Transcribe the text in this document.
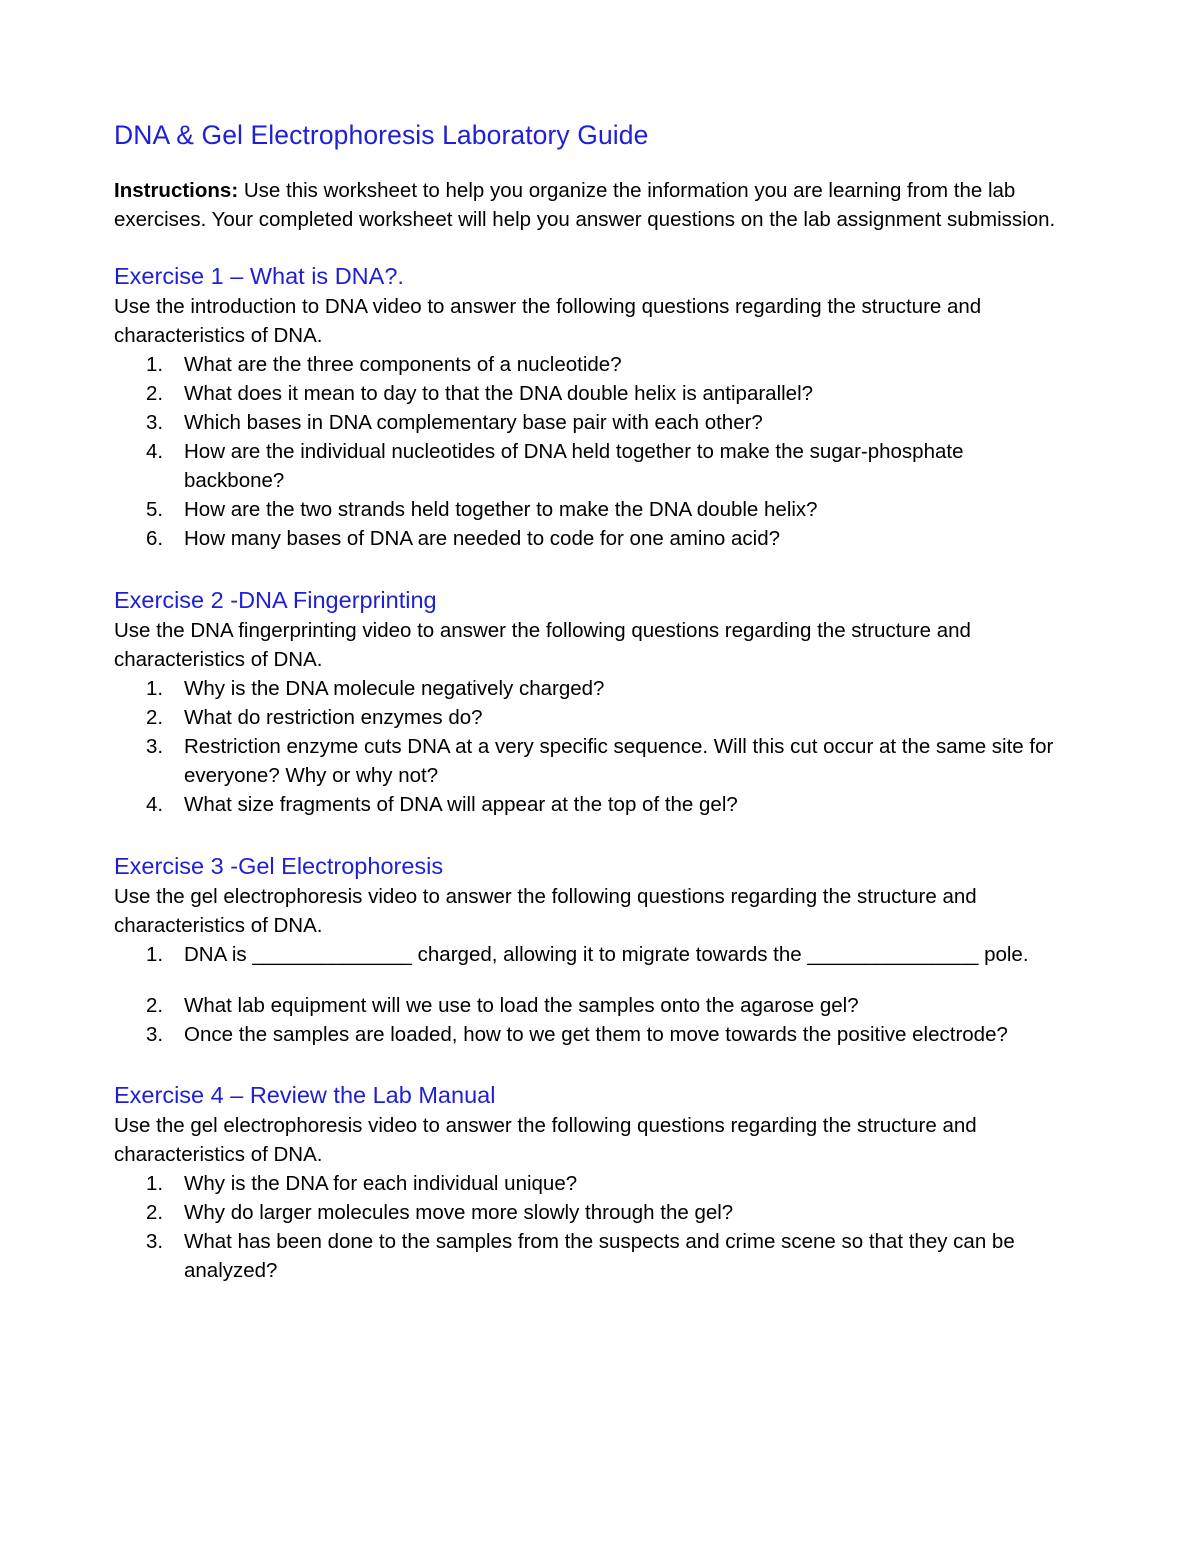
DNA & Gel Electrophoresis Laboratory Guide

Instructions: Use this worksheet to help you organize the information you are learning from the lab exercises. Your completed worksheet will help you answer questions on the lab assignment submission.

Exercise 1 – What is DNA?.

Use the introduction to DNA video to answer the following questions regarding the structure and characteristics of DNA.

1. What are the three components of a nucleotide?
2. What does it mean to day to that the DNA double helix is antiparallel?
3. Which bases in DNA complementary base pair with each other?
4. How are the individual nucleotides of DNA held together to make the sugar-phosphate backbone?
5. How are the two strands held together to make the DNA double helix?
6. How many bases of DNA are needed to code for one amino acid?
Exercise 2 -DNA Fingerprinting

Use the DNA fingerprinting video to answer the following questions regarding the structure and characteristics of DNA.

1. Why is the DNA molecule negatively charged?
2. What do restriction enzymes do?
3. Restriction enzyme cuts DNA at a very specific sequence. Will this cut occur at the same site for everyone? Why or why not?
4. What size fragments of DNA will appear at the top of the gel?
Exercise 3 -Gel Electrophoresis

Use the gel electrophoresis video to answer the following questions regarding the structure and characteristics of DNA.

1. DNA is ______________ charged, allowing it to migrate towards the _______________ pole.
2. What lab equipment will we use to load the samples onto the agarose gel?
3. Once the samples are loaded, how to we get them to move towards the positive electrode?
Exercise 4 – Review the Lab Manual

Use the gel electrophoresis video to answer the following questions regarding the structure and characteristics of DNA.

1. Why is the DNA for each individual unique?
2. Why do larger molecules move more slowly through the gel?
3. What has been done to the samples from the suspects and crime scene so that they can be analyzed?
